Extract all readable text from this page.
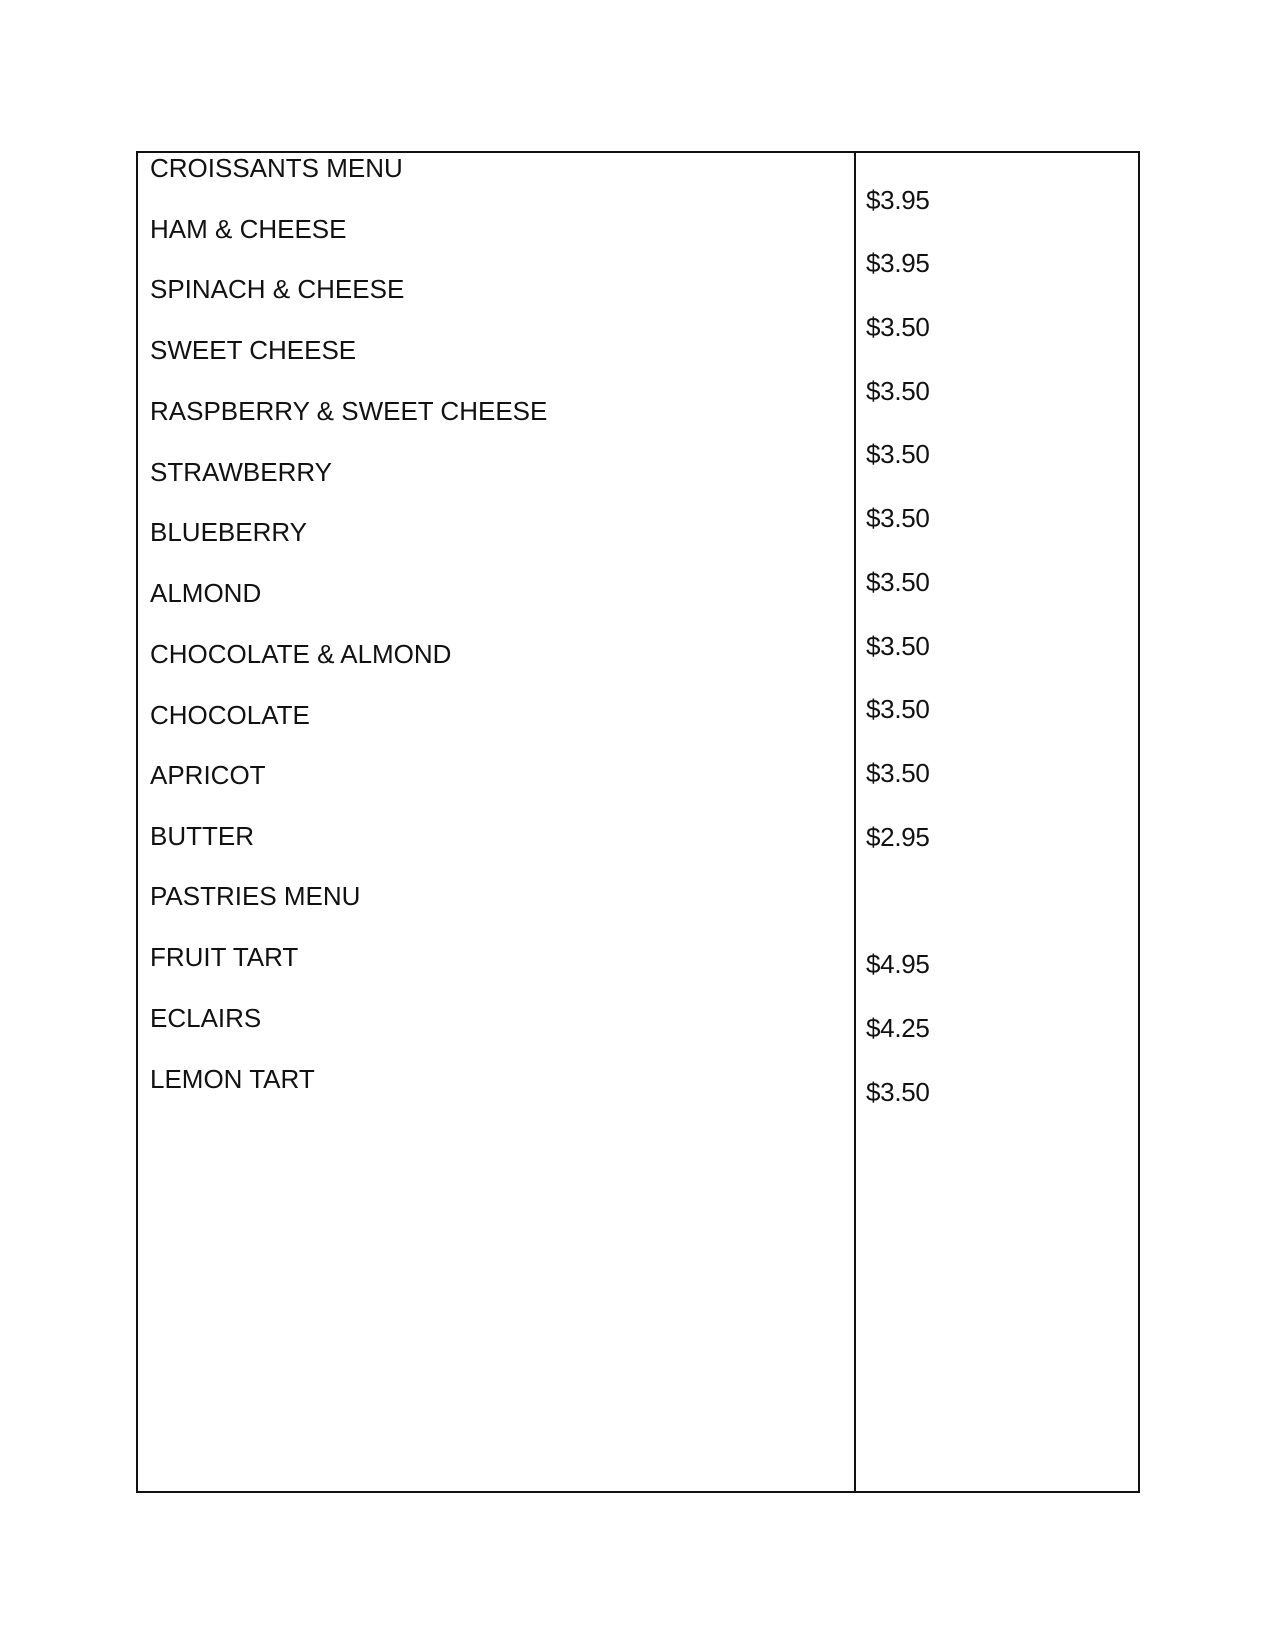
CROISSANTS MENU
HAM & CHEESE
SPINACH & CHEESE
SWEET CHEESE
RASPBERRY & SWEET CHEESE
STRAWBERRY
BLUEBERRY
ALMOND
CHOCOLATE & ALMOND
CHOCOLATE
APRICOT
BUTTER
PASTRIES MENU
FRUIT TART
ECLAIRS
LEMON TART
$3.95
$3.95
$3.50
$3.50
$3.50
$3.50
$3.50
$3.50
$3.50
$3.50
$2.95
$4.95
$4.25
$3.50
